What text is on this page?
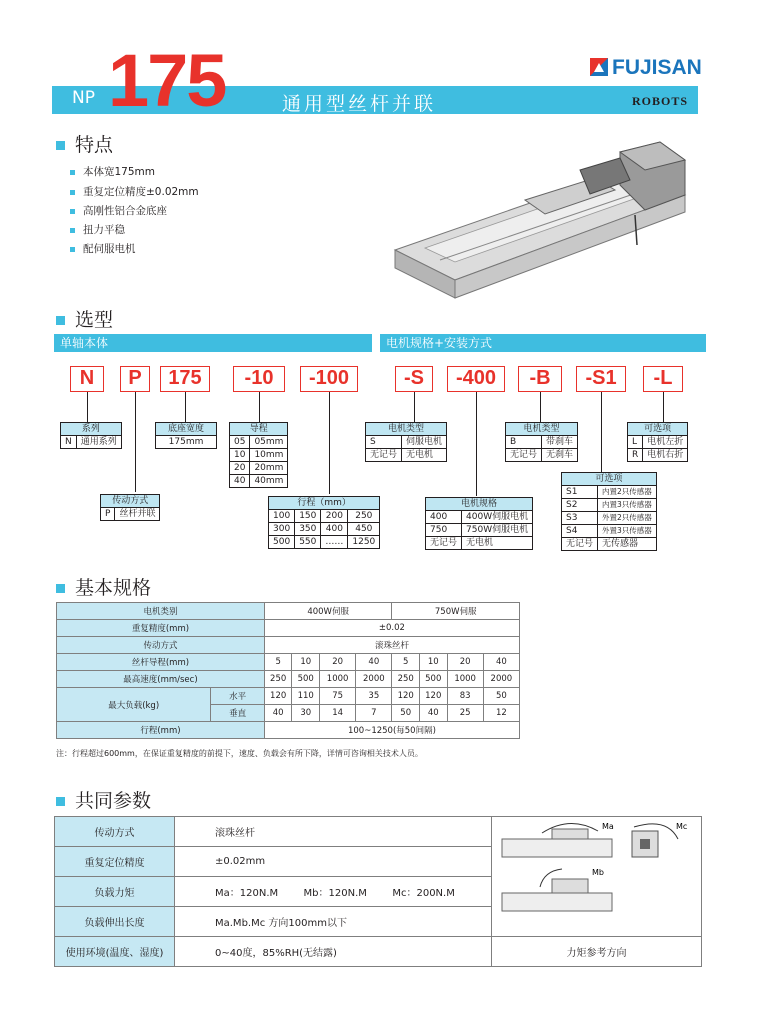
NP 175	通用型丝杆并联
FUJISAN
ROBOTS
特点
本体宽175mm
重复定位精度±0.02mm
高刚性铝合金底座
扭力平稳
配伺服电机
选型
单轴本体	电机规格+安装方式
N	P	175	-10	-100	-S	-400	-B	-S1	-L
系列
N	通用系列
底座宽度
175mm
导程	
05	05mm
10	10mm
20	20mm
40	40mm
传动方式
P	丝杆并联
行程（mm）			
100	150	200	250
300	350	400	450
500	550	……	1250
电机类型	
S	伺服电机
无记号	无电机
电机规格	
400	400W伺服电机
750	750W伺服电机
无记号	无电机
电机类型	
B	带刹车
无记号	无刹车
可选项	
S1	内置2只传感器
S2	内置3只传感器
S3	外置2只传感器
S4	外置3只传感器
无记号	无传感器
可选项	
L	电机左折
R	电机右折
基本规格
电机类别		400W伺服				750W伺服			
重复精度(mm)		±0.02							
传动方式		滚珠丝杆							
丝杆导程(mm)		5	10	20	40	5	10	20	40
最高速度(mm/sec)		250	500	1000	2000	250	500	1000	2000
最大负载(kg)	水平	120	110	75	35	120	120	83	50
	垂直	40	30	14	7	50	40	25	12
行程(mm)		100~1250(每50间隔)							
注：行程超过600mm，在保证重复精度的前提下，速度、负载会有所下降，详情可咨询相关技术人员。
共同参数
传动方式	滚珠丝杆	Ma Mc
Mb

重复定位精度	±0.02mm	
负载力矩	Ma：120N.M        Mb：120N.M        Mc：200N.M	
负载伸出长度	Ma.Mb.Mc 方向100mm以下	
使用环境(温度、湿度)	0~40度，85%RH(无结露)	力矩参考方向
